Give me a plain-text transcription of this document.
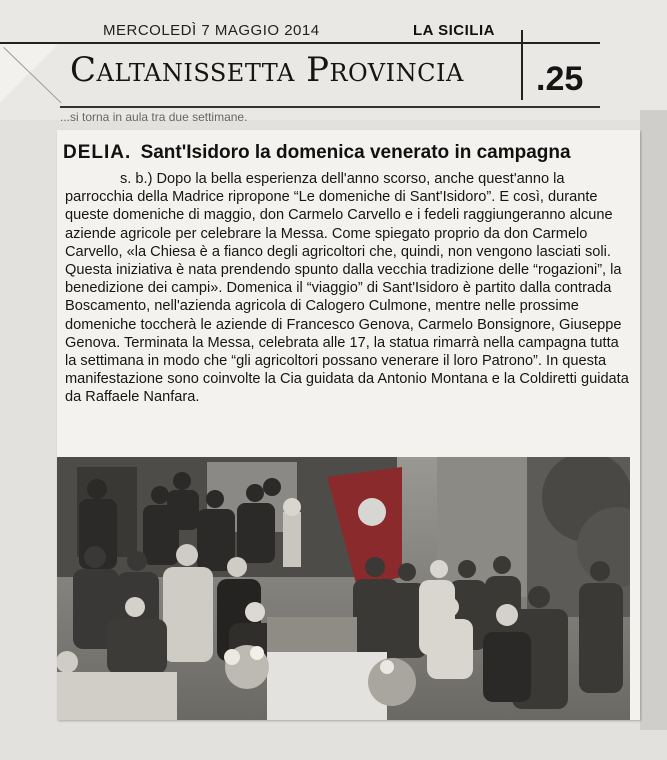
MERCOLEDÌ 7 MAGGIO 2014	LA SICILIA
Caltanissetta Provincia .25
...si torna in aula tra due settimane.
DELIA. Sant'Isidoro la domenica venerato in campagna
s. b.) Dopo la bella esperienza dell'anno scorso, anche quest'anno la parrocchia della Madrice ripropone “Le domeniche di Sant'Isidoro”. E così, durante queste domeniche di maggio, don Carmelo Carvello e i fedeli raggiungeranno alcune aziende agricole per celebrare la Messa. Come spiegato proprio da don Carmelo Carvello, «la Chiesa è a fianco degli agricoltori che, quindi, non vengono lasciati soli. Questa iniziativa è nata prendendo spunto dalla vecchia tradizione delle “rogazioni”, la benedizione dei campi». Domenica il “viaggio” di Sant'Isidoro è partito dalla contrada Boscamento, nell'azienda agricola di Calogero Culmone, mentre nelle prossime domeniche toccherà le aziende di Francesco Genova, Carmelo Bonsignore, Giuseppe Genova. Terminata la Messa, celebrata alle 17, la statua rimarrà nella campagna tutta la settimana in modo che “gli agricoltori possano venerare il loro Patrono”. In questa manifestazione sono coinvolte la Cia guidata da Antonio Montana e la Coldiretti guidata da Raffaele Nanfara.
